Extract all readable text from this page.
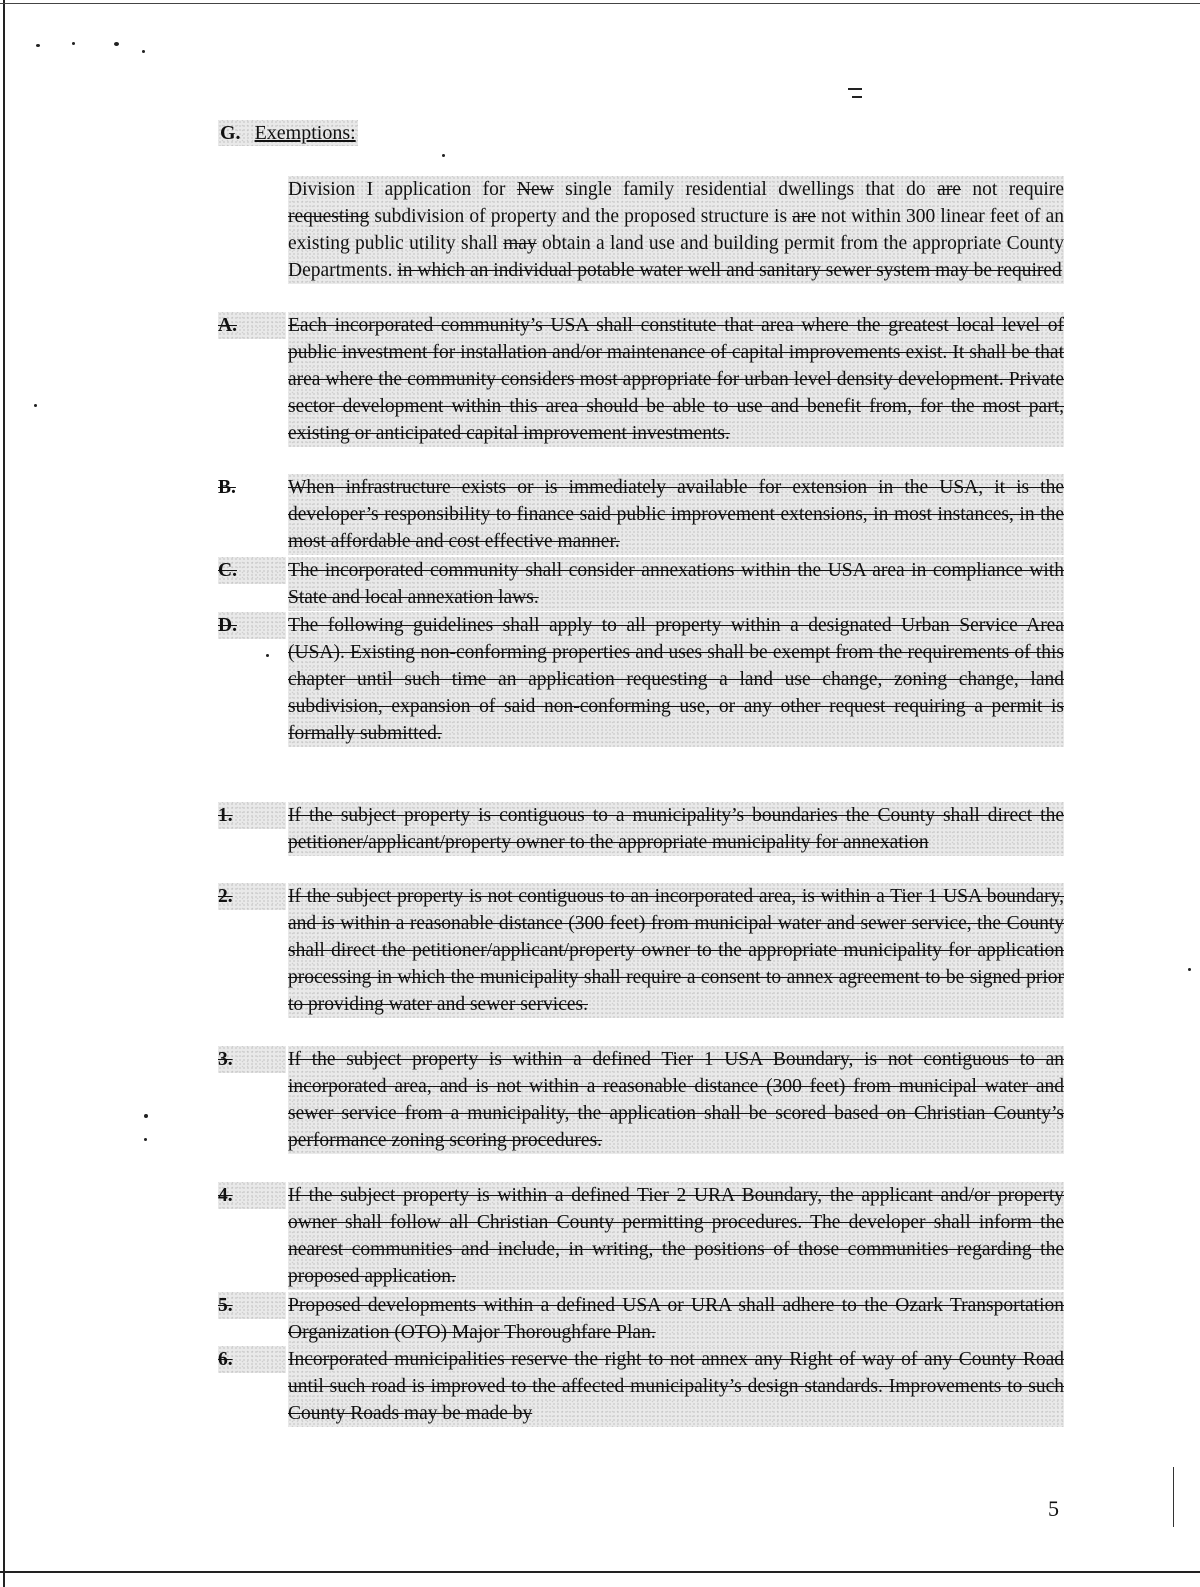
G. Exemptions:
Division I application for New single family residential dwellings that do are not require requesting subdivision of property and the proposed structure is are not within 300 linear feet of an existing public utility shall may obtain a land use and building permit from the appropriate County Departments. in which an individual potable water well and sanitary sewer system may be required
A.	Each incorporated community’s USA shall constitute that area where the greatest local level of public investment for installation and/or maintenance of capital improvements exist. It shall be that area where the community considers most appropriate for urban level density development. Private sector development within this area should be able to use and benefit from, for the most part, existing or anticipated capital improvement investments.
B.	When infrastructure exists or is immediately available for extension in the USA, it is the developer’s responsibility to finance said public improvement extensions, in most instances, in the most affordable and cost effective manner.
C.	The incorporated community shall consider annexations within the USA area in compliance with State and local annexation laws.
D.	The following guidelines shall apply to all property within a designated Urban Service Area (USA). Existing non-conforming properties and uses shall be exempt from the requirements of this chapter until such time an application requesting a land use change, zoning change, land subdivision, expansion of said non-conforming use, or any other request requiring a permit is formally submitted.
1.	If the subject property is contiguous to a municipality’s boundaries the County shall direct the petitioner/applicant/property owner to the appropriate municipality for annexation
2.	If the subject property is not contiguous to an incorporated area, is within a Tier 1 USA boundary, and is within a reasonable distance (300 feet) from municipal water and sewer service, the County shall direct the petitioner/applicant/property owner to the appropriate municipality for application processing in which the municipality shall require a consent to annex agreement to be signed prior to providing water and sewer services.
3.	If the subject property is within a defined Tier 1 USA Boundary, is not contiguous to an incorporated area, and is not within a reasonable distance (300 feet) from municipal water and sewer service from a municipality, the application shall be scored based on Christian County’s performance zoning scoring procedures.
4.	If the subject property is within a defined Tier 2 URA Boundary, the applicant and/or property owner shall follow all Christian County permitting procedures. The developer shall inform the nearest communities and include, in writing, the positions of those communities regarding the proposed application.
5.	Proposed developments within a defined USA or URA shall adhere to the Ozark Transportation Organization (OTO) Major Thoroughfare Plan.
6.	Incorporated municipalities reserve the right to not annex any Right of way of any County Road until such road is improved to the affected municipality’s design standards. Improvements to such County Roads may be made by
5
